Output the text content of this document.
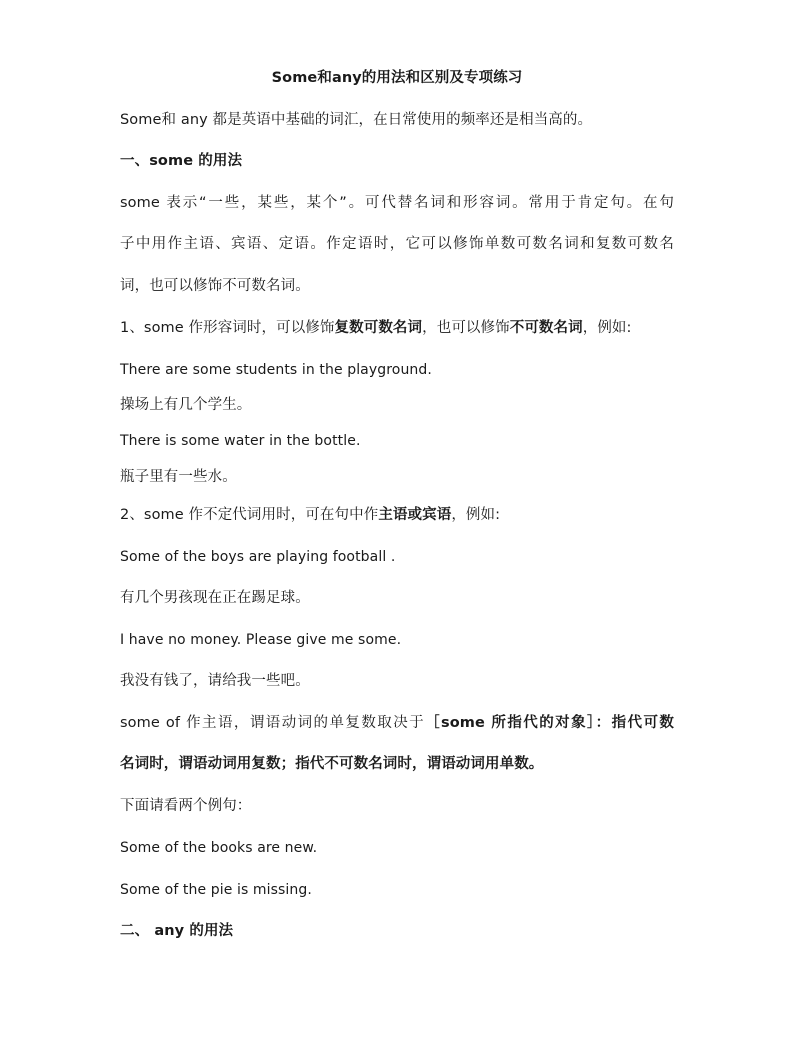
Some和any的用法和区别及专项练习
Some和 any 都是英语中基础的词汇，在日常使用的频率还是相当高的。
一、some 的用法
some 表示“一些，某些，某个”。可代替名词和形容词。常用于肯定句。在句
子中用作主语、宾语、定语。作定语时，它可以修饰单数可数名词和复数可数名
词，也可以修饰不可数名词。
1、some 作形容词时，可以修饰复数可数名词，也可以修饰不可数名词，例如:
There are some students in the playground.
操场上有几个学生。
There is some water in the bottle.
瓶子里有一些水。
2、some 作不定代词用时，可在句中作主语或宾语，例如:
Some of the boys are playing football .
有几个男孩现在正在踢足球。
I have no money. Please give me some.
我没有钱了，请给我一些吧。
some of 作主语，谓语动词的单复数取决于［some 所指代的对象］：指代可数
名词时，谓语动词用复数；指代不可数名词时，谓语动词用单数。
下面请看两个例句：
Some of the books are new.
Some of the pie is missing.
二、 any 的用法
